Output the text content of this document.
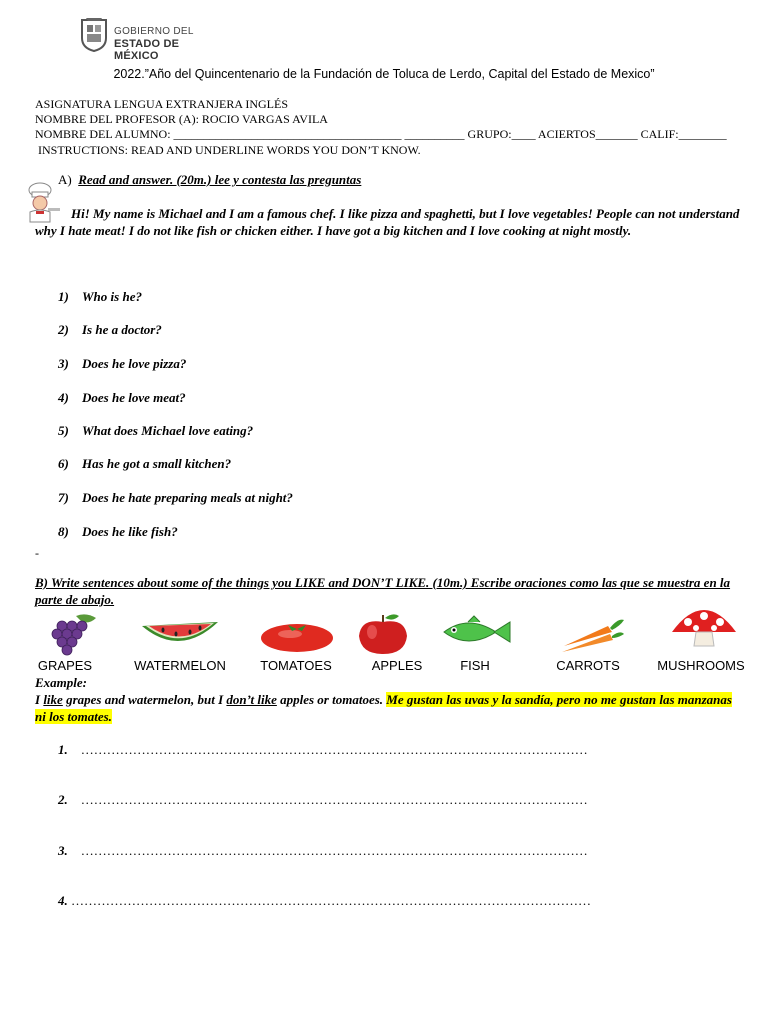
GOBIERNO DEL
ESTADO DE MÉXICO
2022.”Año del Quincentenario de la Fundación de Toluca de Lerdo, Capital del Estado de Mexico”
ASIGNATURA LENGUA EXTRANJERA INGLÉS
NOMBRE DEL PROFESOR (A): ROCIO VARGAS AVILA
NOMBRE DEL ALUMNO: ______________________________________ __________ GRUPO:____ ACIERTOS_______ CALIF:________
INSTRUCTIONS: READ AND UNDERLINE WORDS YOU DON’T KNOW.
A) Read and answer. (20m.) lee y contesta las preguntas
Hi! My name is Michael and I am a famous chef. I like pizza and spaghetti, but I love vegetables! People can not understand why I hate meat! I do not like fish or chicken either. I have got a big kitchen and I love cooking at night mostly.
1) Who is he?
2) Is he a doctor?
3) Does he love pizza?
4) Does he love meat?
5) What does Michael love eating?
6) Has he got a small kitchen?
7) Does he hate preparing meals at night?
8) Does he like fish?
-
B) Write sentences about some of the things you LIKE and DON’T LIKE. (10m.) Escribe oraciones como las que se muestra en la parte de abajo.
GRAPES	WATERMELON	TOMATOES	APPLES	FISH	CARROTS	MUSHROOMS
Example:
I like grapes and watermelon, but I don’t like apples or tomatoes. Me gustan las uvas y la sandía, pero no me gustan las manzanas ni los tomates.
1. ………………………………………………………………………………………………………
2. ………………………………………………………………………………………………………
3. ………………………………………………………………………………………………………
4. …………………………………………………………………………………………………………
